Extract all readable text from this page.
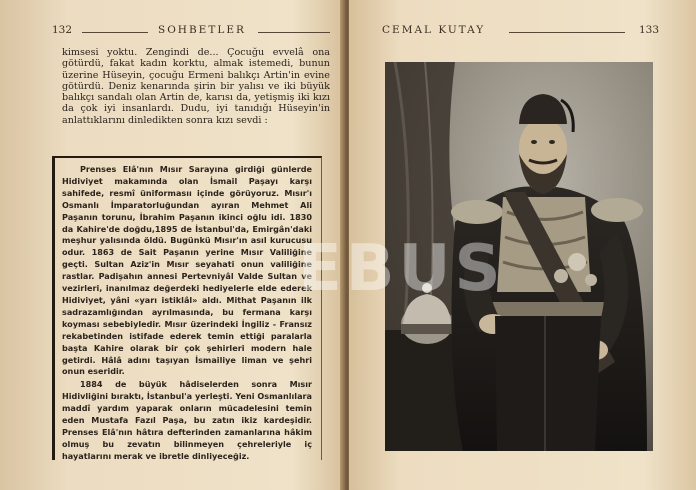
132	SOHBETLER

kimsesi yoktu. Zengindi de... Çocuğu evvelâ ona götürdü, fakat kadın korktu, almak istemedi, bunun üzerine Hüseyin, çocuğu Ermeni balıkçı Artin'in evine götürdü. Deniz kenarında şirin bir yalısı ve iki büyük balıkçı sandalı olan Artin de, karısı da, yetişmiş iki kızı da çok iyi insanlardı. Dudu, iyi tanıdığı Hüseyin'in anlattıklarını dinledikten sonra kızı sevdi :

Prenses Elâ'nın Mısır Sarayına girdiği günlerde Hidiviyet makamında olan İsmail Paşayı karşı sahifede, resmî üniformasıı içinde görüyoruz. Mısır'ı Osmanlı İmparatorluğundan ayıran Mehmet Ali Paşanın torunu, İbrahim Paşanın ikinci oğlu idi. 1830 da Kahire'de doğdu,1895 de İstanbul'da, Emirgân'daki meşhur yalısında öldü. Bugünkü Mısır'ın asıl kurucusu odur. 1863 de Sait Paşanın yerine Mısır Valiliğine geçti. Sultan Aziz'in Mısır seyahati onun valiliğine rastlar. Padişahın annesi Pertevniyâl Valde Sultan ve vezirleri, inanılmaz değerdeki hediyelerle elde ederek Hidiviyet, yâni «yarı istiklâl» aldı. Mithat Paşanın ilk sadrazamlığından ayrılmasında, bu fermana karşı koyması sebebiyledir. Mısır üzerindeki İngiliz - Fransız rekabetinden istifade ederek temin ettiği paralarla başta Kahire olarak bir çok şehirleri modern hale getirdi. Hâlâ adını taşıyan İsmailiye liman ve şehri onun eseridir.

1884 de büyük hâdiselerden sonra Mısır Hidivliğini bıraktı, İstanbul'a yerleşti. Yeni Osmanlılara maddî yardım yaparak onların mücadelesini temin eden Mustafa Fazıl Paşa, bu zatın ikiz kardeşidir. Prenses Elâ'nın hâtıra defterinden zamanlarına hâkim olmuş bu zevatın bilinmeyen çehreleriyle iç hayatlarını merak ve ibretle dinliyeceğiz.

CEMAL KUTAY	133
EBUS
